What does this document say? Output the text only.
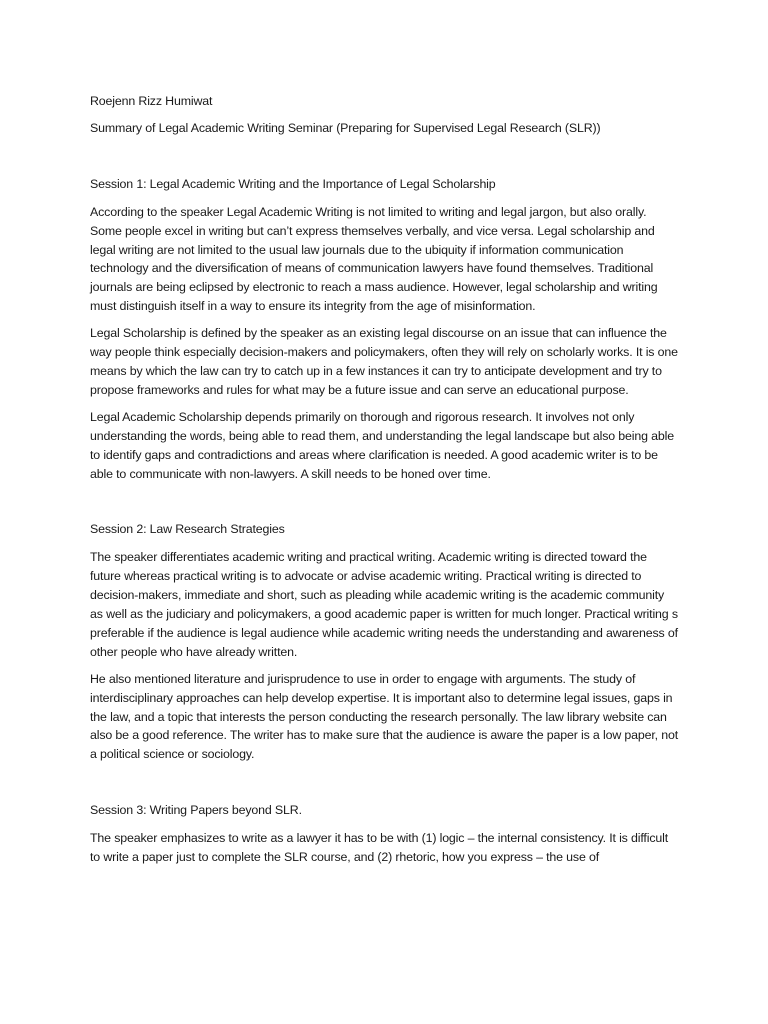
Roejenn Rizz Humiwat

Summary of Legal Academic Writing Seminar (Preparing for Supervised Legal Research (SLR))

Session 1: Legal Academic Writing and the Importance of Legal Scholarship

According to the speaker Legal Academic Writing is not limited to writing and legal jargon, but also orally. Some people excel in writing but can’t express themselves verbally, and vice versa. Legal scholarship and legal writing are not limited to the usual law journals due to the ubiquity if information communication technology and the diversification of means of communication lawyers have found themselves. Traditional journals are being eclipsed by electronic to reach a mass audience. However, legal scholarship and writing must distinguish itself in a way to ensure its integrity from the age of misinformation.

Legal Scholarship is defined by the speaker as an existing legal discourse on an issue that can influence the way people think especially decision-makers and policymakers, often they will rely on scholarly works. It is one means by which the law can try to catch up in a few instances it can try to anticipate development and try to propose frameworks and rules for what may be a future issue and can serve an educational purpose.

Legal Academic Scholarship depends primarily on thorough and rigorous research. It involves not only understanding the words, being able to read them, and understanding the legal landscape but also being able to identify gaps and contradictions and areas where clarification is needed. A good academic writer is to be able to communicate with non-lawyers. A skill needs to be honed over time.

Session 2: Law Research Strategies

The speaker differentiates academic writing and practical writing. Academic writing is directed toward the future whereas practical writing is to advocate or advise academic writing. Practical writing is directed to decision-makers, immediate and short, such as pleading while academic writing is the academic community as well as the judiciary and policymakers, a good academic paper is written for much longer. Practical writing s preferable if the audience is legal audience while academic writing needs the understanding and awareness of other people who have already written.

He also mentioned literature and jurisprudence to use in order to engage with arguments. The study of interdisciplinary approaches can help develop expertise. It is important also to determine legal issues, gaps in the law, and a topic that interests the person conducting the research personally. The law library website can also be a good reference. The writer has to make sure that the audience is aware the paper is a low paper, not a political science or sociology.

Session 3: Writing Papers beyond SLR.

The speaker emphasizes to write as a lawyer it has to be with (1) logic – the internal consistency. It is difficult to write a paper just to complete the SLR course, and (2) rhetoric, how you express – the use of
